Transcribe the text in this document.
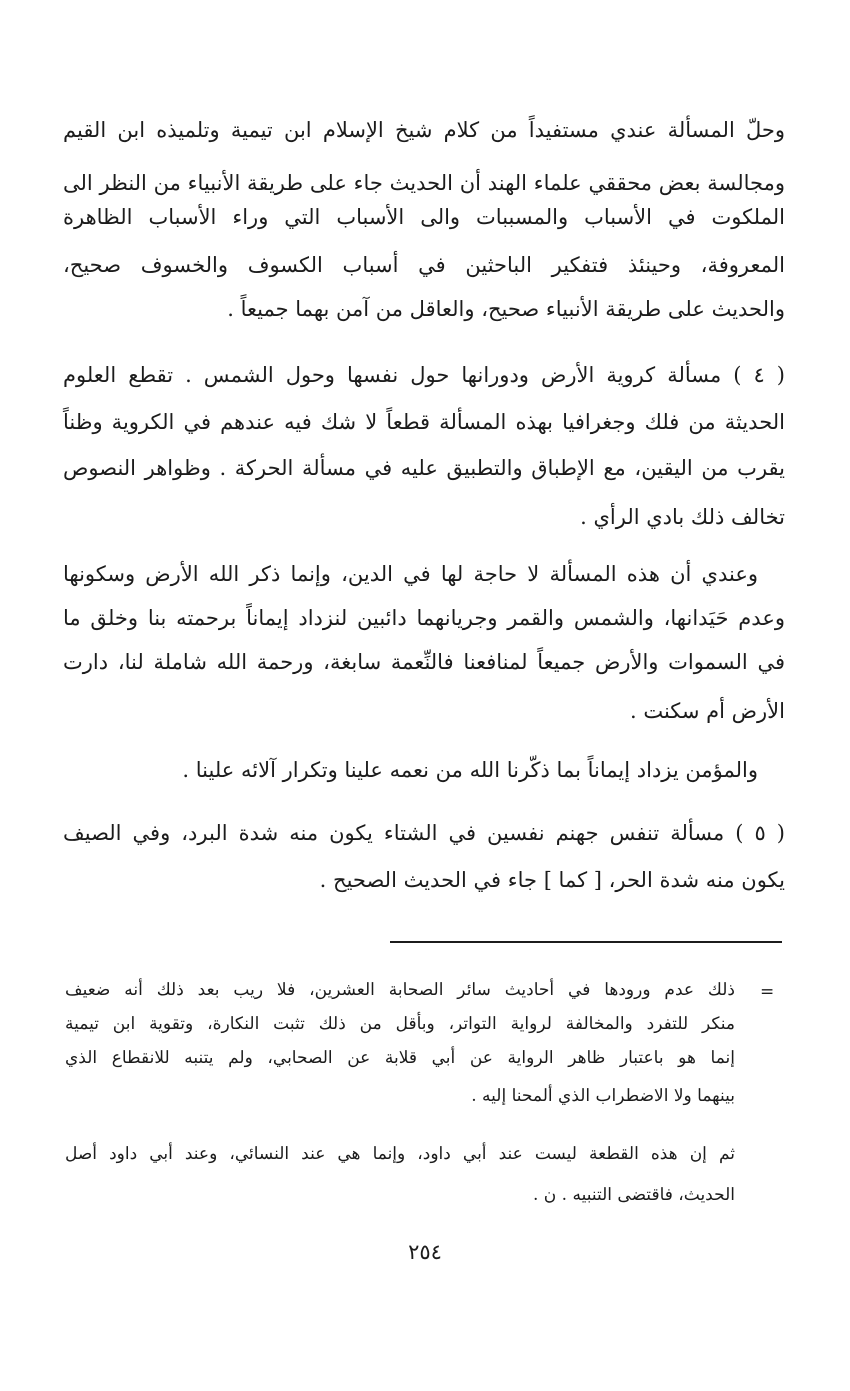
وحلّ المسألة عندي مستفيداً من كلام شيخ الإسلام ابن تيمية وتلميذه ابن القيم
ومجالسة بعض محققي علماء الهند أن الحديث جاء على طريقة الأنبياء من النظر الى
الملكوت في الأسباب والمسببات والى الأسباب التي وراء الأسباب الظاهرة
المعروفة، وحينئذ فتفكير الباحثين في أسباب الكسوف والخسوف صحيح،
والحديث على طريقة الأنبياء صحيح، والعاقل من آمن بهما جميعاً .
( ٤ ) مسألة كروية الأرض ودورانها حول نفسها وحول الشمس . تقطع العلوم
الحديثة من فلك وجغرافيا بهذه المسألة قطعاً لا شك فيه عندهم في الكروية وظناً
يقرب من اليقين، مع الإطباق والتطبيق عليه في مسألة الحركة . وظواهر النصوص
تخالف ذلك بادي الرأي .
وعندي أن هذه المسألة لا حاجة لها في الدين، وإنما ذكر الله الأرض وسكونها
وعدم حَيَدانها، والشمس والقمر وجريانهما دائبين لنزداد إيماناً برحمته بنا وخلق ما
في السموات والأرض جميعاً لمنافعنا فالنِّعمة سابغة، ورحمة الله شاملة لنا، دارت
الأرض أم سكنت .
والمؤمن يزداد إيماناً بما ذكّرنا الله من نعمه علينا وتكرار آلائه علينا .
( ٥ ) مسألة تنفس جهنم نفسين في الشتاء يكون منه شدة البرد، وفي الصيف
يكون منه شدة الحر، [ كما ] جاء في الحديث الصحيح .
=
ذلك عدم ورودها في أحاديث سائر الصحابة العشرين، فلا ريب بعد ذلك أنه ضعيف
منكر للتفرد والمخالفة لرواية التواتر، وبأقل من ذلك تثبت النكارة، وتقوية ابن تيمية
إنما هو باعتبار ظاهر الرواية عن أبي قلابة عن الصحابي، ولم يتنبه للانقطاع الذي
بينهما ولا الاضطراب الذي ألمحنا إليه .
ثم إن هذه القطعة ليست عند أبي داود، وإنما هي عند النسائي، وعند أبي داود أصل
الحديث، فاقتضى التنبيه . ن .
٢٥٤
